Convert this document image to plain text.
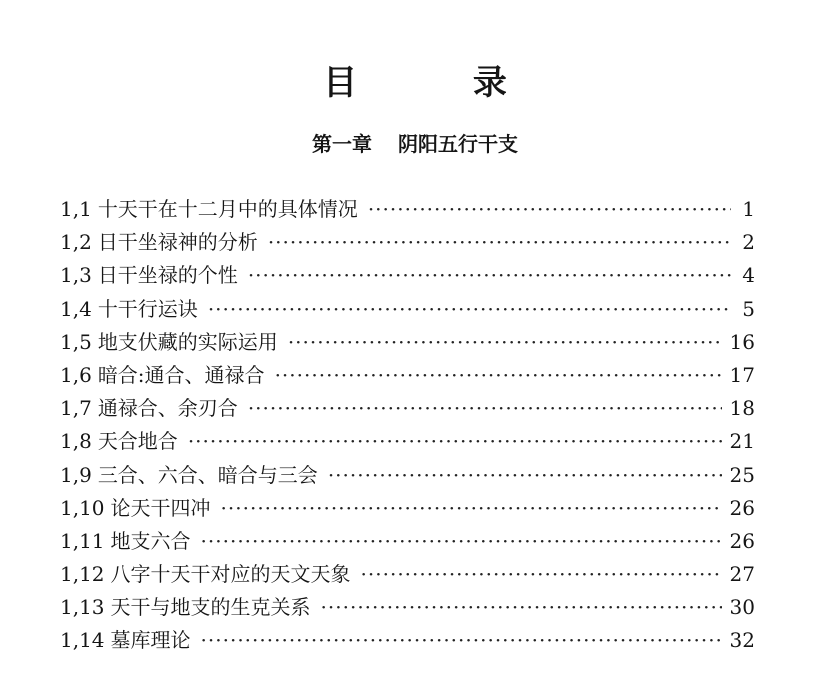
目 录
第一章 阴阳五行干支
1,1 十天干在十二月中的具体情况 ·····	1
1,2 日干坐禄神的分析 ·····	2
1,3 日干坐禄的个性 ·····	4
1,4 十干行运诀 ·····	5
1,5 地支伏藏的实际运用 ·····	16
1,6 暗合:通合、通禄合 ·····	17
1,7 通禄合、余刃合 ·····	18
1,8 天合地合 ·····	21
1,9 三合、六合、暗合与三会 ·····	25
1,10 论天干四冲 ·····	26
1,11 地支六合 ·····	26
1,12 八字十天干对应的天文天象 ·····	27
1,13 天干与地支的生克关系 ·····	30
1,14 墓库理论 ·····	32
